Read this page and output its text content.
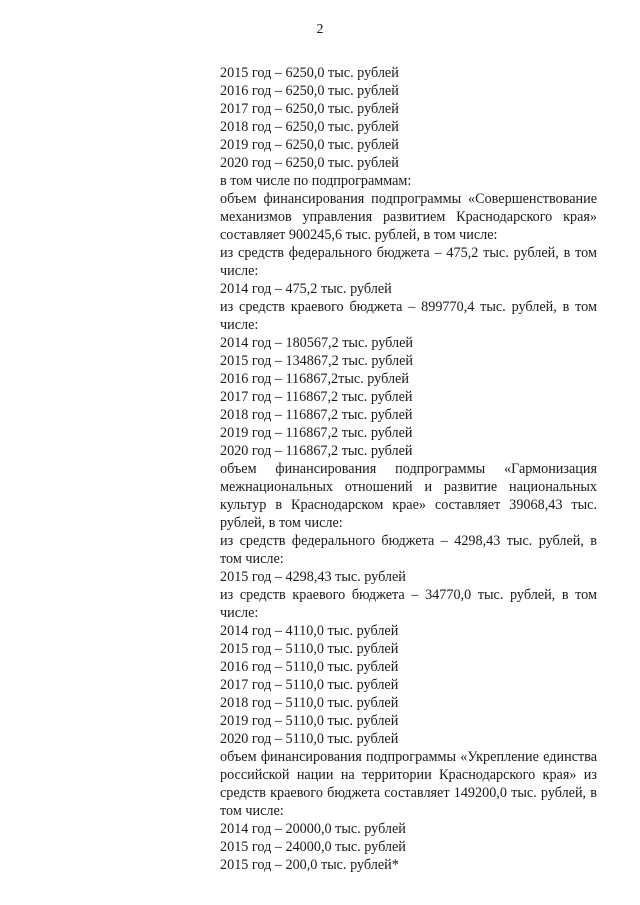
2
2015 год – 6250,0 тыс. рублей
2016 год – 6250,0 тыс. рублей
2017 год – 6250,0 тыс. рублей
2018 год – 6250,0 тыс. рублей
2019 год – 6250,0 тыс. рублей
2020 год – 6250,0 тыс. рублей
в том числе по подпрограммам:
объем финансирования подпрограммы «Совершенствование механизмов управления развитием Краснодарского края» составляет 900245,6 тыс. рублей, в том числе:
из средств федерального бюджета – 475,2 тыс. рублей, в том числе:
2014 год – 475,2 тыс. рублей
из средств краевого бюджета – 899770,4 тыс. рублей, в том числе:
2014 год – 180567,2 тыс. рублей
2015 год – 134867,2 тыс. рублей
2016 год – 116867,2тыс. рублей
2017 год – 116867,2 тыс. рублей
2018 год – 116867,2 тыс. рублей
2019 год – 116867,2 тыс. рублей
2020 год – 116867,2 тыс. рублей
объем финансирования подпрограммы «Гармонизация межнациональных отношений и развитие национальных культур в Краснодарском крае» составляет 39068,43 тыс. рублей, в том числе:
из средств федерального бюджета – 4298,43 тыс. рублей, в том числе:
2015 год – 4298,43 тыс. рублей
из средств краевого бюджета – 34770,0 тыс. рублей, в том числе:
2014 год – 4110,0 тыс. рублей
2015 год – 5110,0 тыс. рублей
2016 год – 5110,0 тыс. рублей
2017 год – 5110,0 тыс. рублей
2018 год – 5110,0 тыс. рублей
2019 год – 5110,0 тыс. рублей
2020 год – 5110,0 тыс. рублей
объем финансирования подпрограммы «Укрепление единства российской нации на территории Краснодарского края» из средств краевого бюджета составляет 149200,0 тыс. рублей, в том числе:
2014 год – 20000,0 тыс. рублей
2015 год – 24000,0 тыс. рублей
2015 год – 200,0 тыс. рублей*
